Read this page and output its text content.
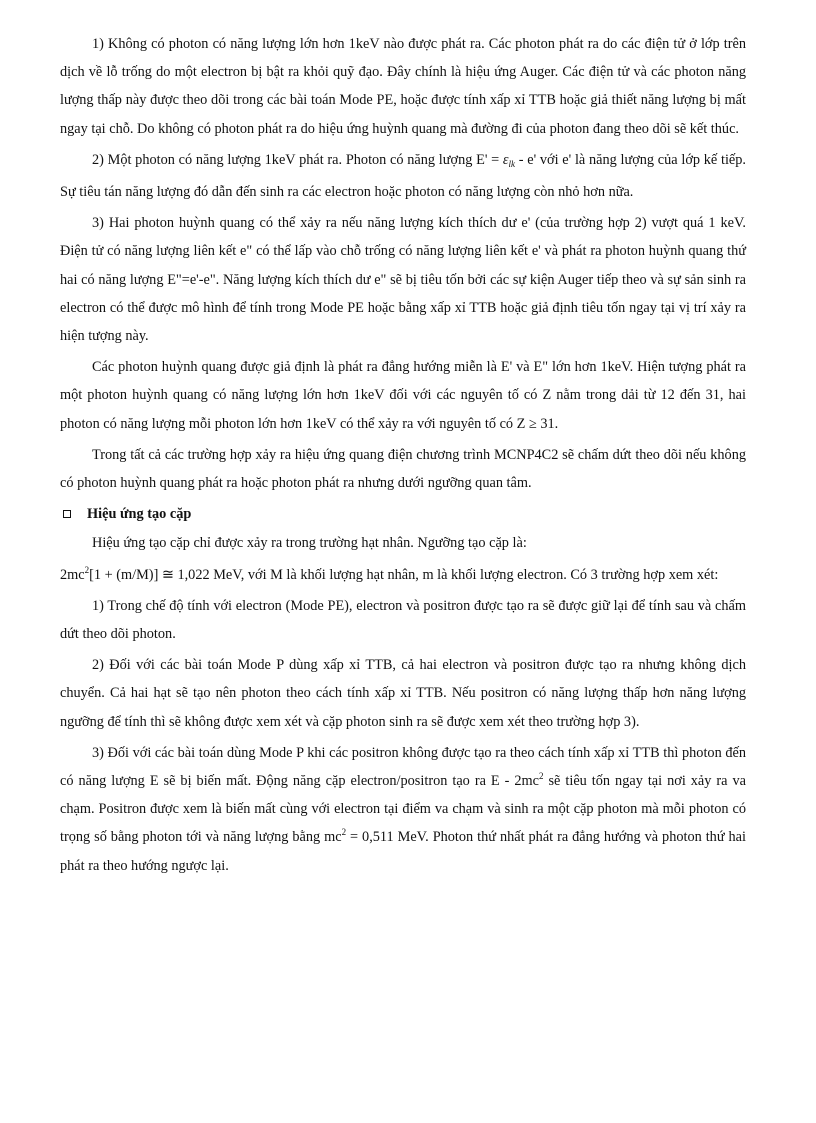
1) Không có photon có năng lượng lớn hơn 1keV nào được phát ra. Các photon phát ra do các điện tử ở lớp trên dịch về lỗ trống do một electron bị bật ra khỏi quỹ đạo. Đây chính là hiệu ứng Auger. Các điện tử và các photon năng lượng thấp này được theo dõi trong các bài toán Mode PE, hoặc được tính xấp xỉ TTB hoặc giả thiết năng lượng bị mất ngay tại chỗ. Do không có photon phát ra do hiệu ứng huỳnh quang mà đường đi của photon đang theo dõi sẽ kết thúc.

2) Một photon có năng lượng 1keV phát ra. Photon có năng lượng $E' = \varepsilon_{lk} - e'$ với e' là năng lượng của lớp kế tiếp. Sự tiêu tán năng lượng đó dẫn đến sinh ra các electron hoặc photon có năng lượng còn nhỏ hơn nữa.

3) Hai photon huỳnh quang có thể xảy ra nếu năng lượng kích thích dư e' (của trường hợp 2) vượt quá 1 keV. Điện tử có năng lượng liên kết e" có thể lấp vào chỗ trống có năng lượng liên kết e' và phát ra photon huỳnh quang thứ hai có năng lượng E"=e'-e". Năng lượng kích thích dư e" sẽ bị tiêu tốn bởi các sự kiện Auger tiếp theo và sự sản sinh ra electron có thể được mô hình để tính trong Mode PE hoặc bằng xấp xỉ TTB hoặc giả định tiêu tốn ngay tại vị trí xảy ra hiện tượng này.

Các photon huỳnh quang được giả định là phát ra đẳng hướng miễn là E' và E" lớn hơn 1keV. Hiện tượng phát ra một photon huỳnh quang có năng lượng lớn hơn 1keV đối với các nguyên tố có Z nằm trong dải từ 12 đến 31, hai photon có năng lượng mỗi photon lớn hơn 1keV có thể xảy ra với nguyên tố có Z ≥ 31.

Trong tất cả các trường hợp xảy ra hiệu ứng quang điện chương trình MCNP4C2 sẽ chấm dứt theo dõi nếu không có photon huỳnh quang phát ra hoặc photon phát ra nhưng dưới ngưỡng quan tâm.

Hiệu ứng tạo cặp

Hiệu ứng tạo cặp chỉ được xảy ra trong trường hạt nhân. Ngưỡng tạo cặp là:

$2mc^2[1 + (m/M)]$ ≅ 1,022 MeV, với M là khối lượng hạt nhân, m là khối lượng electron. Có 3 trường hợp xem xét:

1) Trong chế độ tính với electron (Mode PE), electron và positron được tạo ra sẽ được giữ lại để tính sau và chấm dứt theo dõi photon.

2) Đối với các bài toán Mode P dùng xấp xỉ TTB, cả hai electron và positron được tạo ra nhưng không dịch chuyển. Cả hai hạt sẽ tạo nên photon theo cách tính xấp xỉ TTB. Nếu positron có năng lượng thấp hơn năng lượng ngưỡng để tính thì sẽ không được xem xét và cặp photon sinh ra sẽ được xem xét theo trường hợp 3).

3) Đối với các bài toán dùng Mode P khi các positron không được tạo ra theo cách tính xấp xỉ TTB thì photon đến có năng lượng E sẽ bị biến mất. Động năng cặp electron/positron tạo ra E - $2mc^2$ sẽ tiêu tốn ngay tại nơi xảy ra va chạm. Positron được xem là biến mất cùng với electron tại điểm va chạm và sinh ra một cặp photon mà mỗi photon có trọng số bằng photon tới và năng lượng bằng $mc^2 = 0,511$ MeV. Photon thứ nhất phát ra đẳng hướng và photon thứ hai phát ra theo hướng ngược lại.
